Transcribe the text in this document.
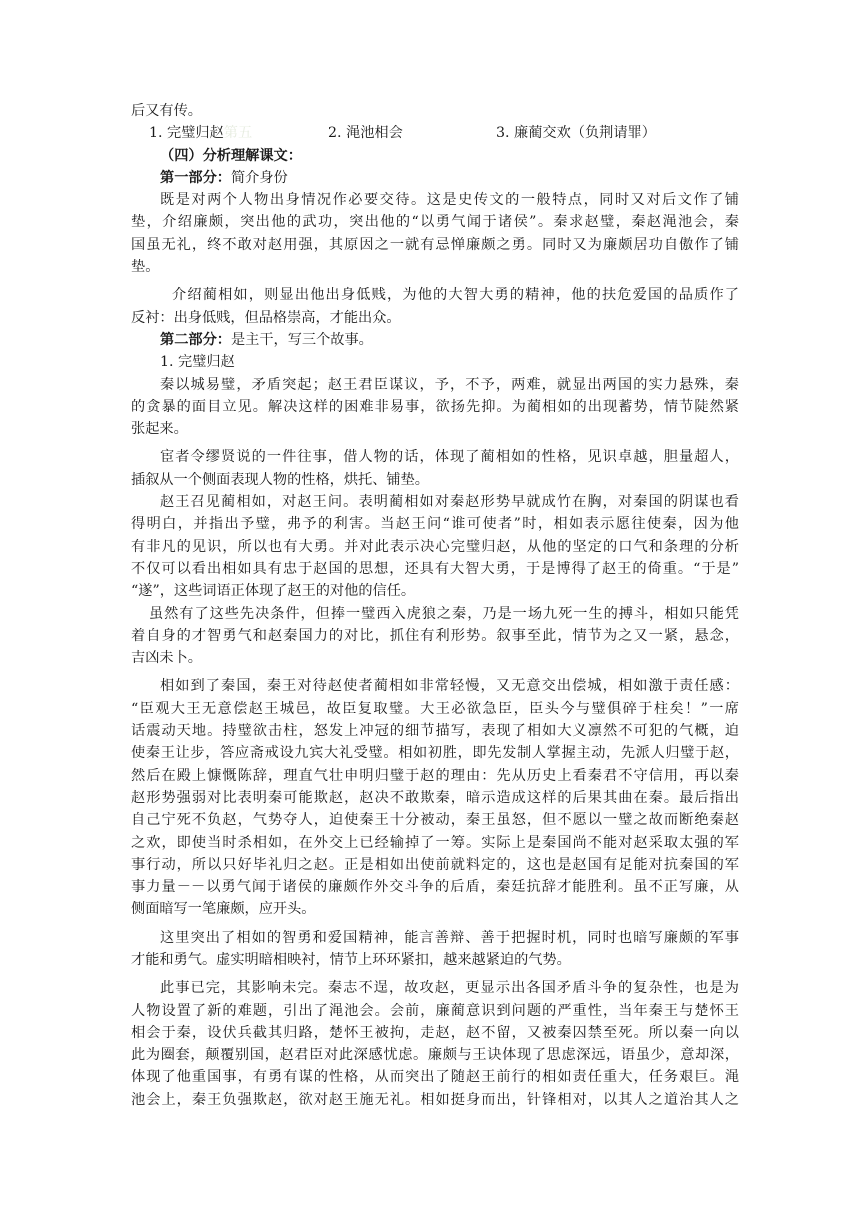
后又有传。
1. 完璧归赵第五	2. 渑池相会	3. 廉蔺交欢（负荆请罪）
（四）分析理解课文：
第一部分：简介身份
既是对两个人物出身情况作必要交待。这是史传文的一般特点，同时又对后文作了铺
垫，介绍廉颇，突出他的武功，突出他的“以勇气闻于诸侯”。秦求赵璧，秦赵渑池会，秦
国虽无礼，终不敢对赵用强，其原因之一就有忌惮廉颇之勇。同时又为廉颇居功自傲作了铺
垫。
介绍蔺相如，则显出他出身低贱，为他的大智大勇的精神，他的扶危爱国的品质作了
反衬：出身低贱，但品格崇高，才能出众。
第二部分：是主干，写三个故事。
1. 完璧归赵
秦以城易璧，矛盾突起；赵王君臣谋议，予，不予，两难，就显出两国的实力悬殊，秦
的贪暴的面目立见。解决这样的困难非易事，欲扬先抑。为蔺相如的出现蓄势，情节陡然紧
张起来。
宦者令缪贤说的一件往事，借人物的话，体现了蔺相如的性格，见识卓越，胆量超人，
插叙从一个侧面表现人物的性格，烘托、铺垫。
赵王召见蔺相如，对赵王问。表明蔺相如对秦赵形势早就成竹在胸，对秦国的阴谋也看
得明白，并指出予璧，弗予的利害。当赵王问“谁可使者”时，相如表示愿往使秦，因为他
有非凡的见识，所以也有大勇。并对此表示决心完璧归赵，从他的坚定的口气和条理的分析
不仅可以看出相如具有忠于赵国的思想，还具有大智大勇，于是博得了赵王的倚重。“于是”
“遂”，这些词语正体现了赵王的对他的信任。
虽然有了这些先决条件，但捧一璧西入虎狼之秦，乃是一场九死一生的搏斗，相如只能凭
着自身的才智勇气和赵秦国力的对比，抓住有利形势。叙事至此，情节为之又一紧，悬念，
吉凶未卜。
相如到了秦国，秦王对待赵使者蔺相如非常轻慢，又无意交出偿城，相如激于责任感：
“臣观大王无意偿赵王城邑，故臣复取璧。大王必欲急臣，臣头今与璧俱碎于柱矣！”一席
话震动天地。持璧欲击柱，怒发上冲冠的细节描写，表现了相如大义凛然不可犯的气概，迫
使秦王让步，答应斋戒设九宾大礼受璧。相如初胜，即先发制人掌握主动，先派人归璧于赵，
然后在殿上慷慨陈辞，理直气壮申明归璧于赵的理由：先从历史上看秦君不守信用，再以秦
赵形势强弱对比表明秦可能欺赵，赵决不敢欺秦，暗示造成这样的后果其曲在秦。最后指出
自己宁死不负赵，气势夺人，迫使秦王十分被动，秦王虽怒，但不愿以一璧之故而断绝秦赵
之欢，即使当时杀相如，在外交上已经输掉了一筹。实际上是秦国尚不能对赵采取太强的军
事行动，所以只好毕礼归之赵。正是相如出使前就料定的，这也是赵国有足能对抗秦国的军
事力量－－以勇气闻于诸侯的廉颇作外交斗争的后盾，秦廷抗辞才能胜利。虽不正写廉，从
侧面暗写一笔廉颇，应开头。
这里突出了相如的智勇和爱国精神，能言善辩、善于把握时机，同时也暗写廉颇的军事
才能和勇气。虚实明暗相映衬，情节上环环紧扣，越来越紧迫的气势。
此事已完，其影响未完。秦志不逞，故攻赵，更显示出各国矛盾斗争的复杂性，也是为
人物设置了新的难题，引出了渑池会。会前，廉蔺意识到问题的严重性，当年秦王与楚怀王
相会于秦，设伏兵截其归路，楚怀王被拘，走赵，赵不留，又被秦囚禁至死。所以秦一向以
此为圈套，颠覆别国，赵君臣对此深感忧虑。廉颇与王诀体现了思虑深远，语虽少，意却深，
体现了他重国事，有勇有谋的性格，从而突出了随赵王前行的相如责任重大，任务艰巨。渑
池会上，秦王负强欺赵，欲对赵王施无礼。相如挺身而出，针锋相对，以其人之道治其人之
